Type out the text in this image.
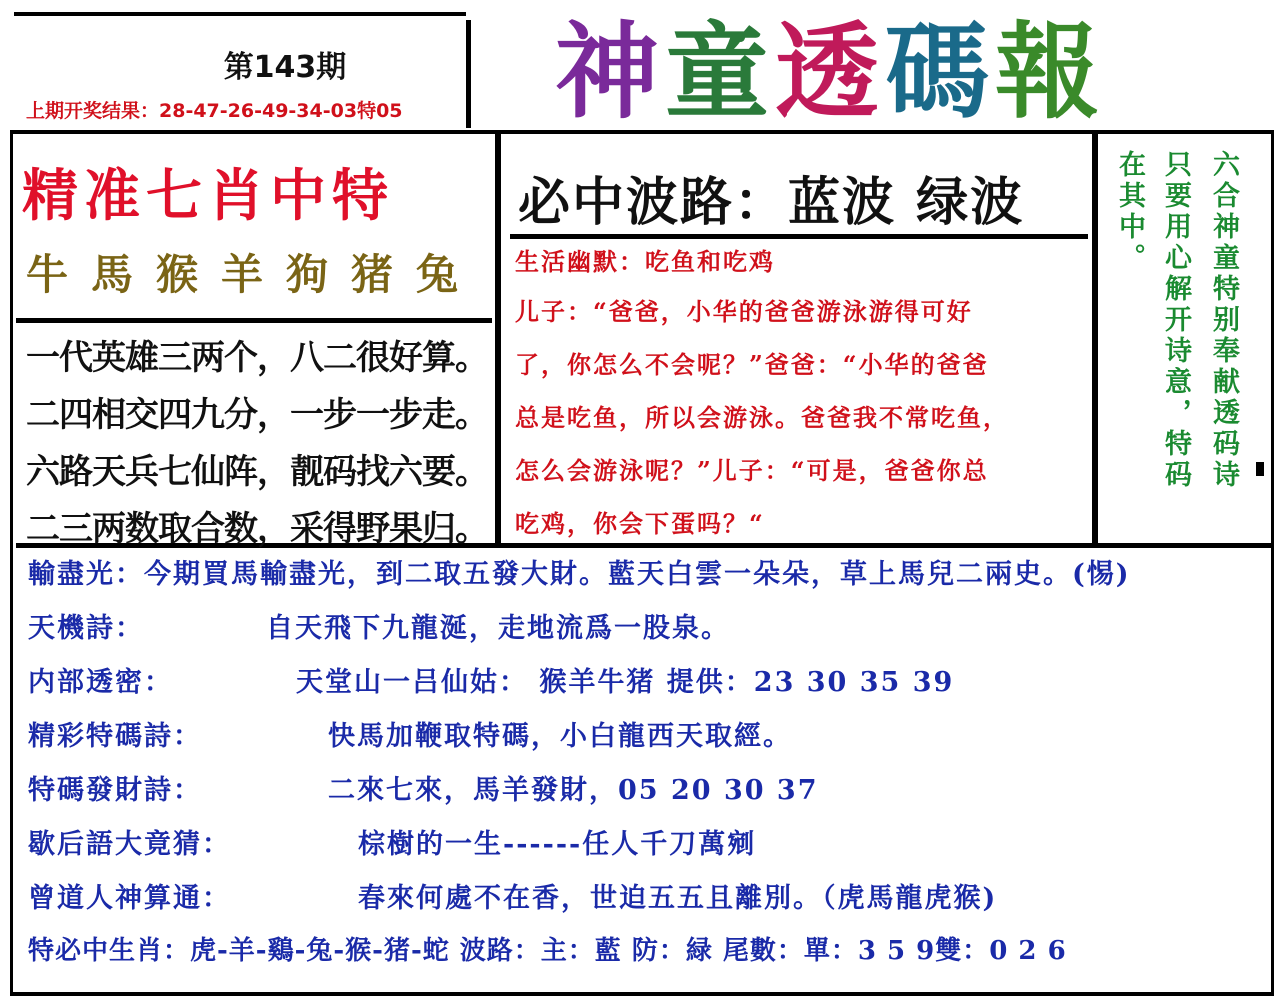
第143期
上期开奖结果：28-47-26-49-34-03特05 神童透碼報
精准七肖中特
牛馬猴羊狗猪兔
一代英雄三两个，八二很好算。
二四相交四九分，一步一步走。
六路天兵七仙阵，靓码找六要。
二三两数取合数，采得野果归。
必中波路：蓝波 绿波
生活幽默：吃鱼和吃鸡
儿子：“爸爸，小华的爸爸游泳游得可好
了，你怎么不会呢？”爸爸：“小华的爸爸
总是吃鱼，所以会游泳。爸爸我不常吃鱼，
怎么会游泳呢？”儿子：“可是，爸爸你总
吃鸡，你会下蛋吗？“
六合神童特别奉献透码诗
只要用心解开诗意，特码
在其中。
輸盡光：今期買馬輸盡光，到二取五發大財。藍天白雲一朵朵，草上馬兒二兩史。(惕)
天機詩：	自天飛下九龍涎，走地流爲一股泉。
内部透密：	天堂山一吕仙姑： 猴羊牛猪 提供：23 30 35 39
精彩特碼詩：	快馬加鞭取特碼，小白龍西天取經。
特碼發財詩：	二來七來，馬羊發財，05 20 30 37
歇后語大竟猜：	棕樹的一生------任人千刀萬剜
曾道人神算通：	春來何處不在香，世迫五五且離別。（虎馬龍虎猴)
特必中生肖：虎-羊-鷄-兔-猴-猪-蛇 波路：主：藍 防：緑 尾數：單：3 5 9雙：0 2 6
